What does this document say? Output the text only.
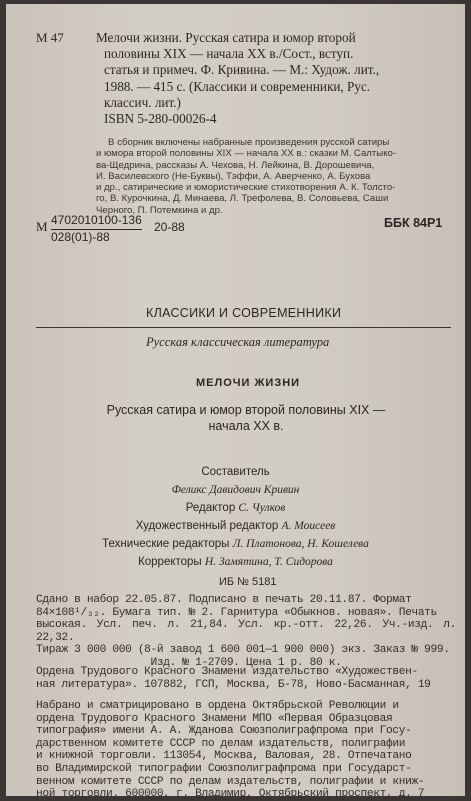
М 47 Мелочи жизни. Русская сатира и юмор второй
половины XIX — начала XX в./Сост., вступ.
статья и примеч. Ф. Кривина. — М.: Худож. лит.,
1988. — 415 с. (Классики и современники, Рус.
классич. лит.)
ISBN 5-280-00026-4
В сборник включены набранные произведения русской сатиры
и юмора второй половины XIX — начала XX в.: сказки М. Салтыко-
ва-Щедрина, рассказы А. Чехова, Н. Лейкина, В. Дорошевича,
И. Василевского (Не-Буквы), Тэффи, А. Аверченко, А. Бухова
и др., сатирические и юмористические стихотворения А. К. Толсто-
го, В. Курочкина, Д. Минаева, Л. Трефолева, В. Соловьева, Саши
Черного, П. Потемкина и др.
М $\frac{4702010100-136}{028(01)-88} 20-88$	ББК 84Р1
КЛАССИКИ И СОВРЕМЕННИКИ
Русская классическая литература
МЕЛОЧИ ЖИЗНИ
Русская сатира и юмор второй половины XIX —
начала XX в.
Составитель
Феликс Давидович Кривин
Редактор С. Чулков
Художественный редактор А. Моисеев
Технические редакторы Л. Платонова, Н. Кошелева
Корректоры Н. Замятина, Т. Сидорова
ИБ № 5181
Сдано в набор 22.05.87. Подписано в печать 20.11.87. Формат
84×108¹/₃₂. Бумага тип. № 2. Гарнитура «Обыкнов. новая». Печать
высокая. Усл. печ. л. 21,84. Усл. кр.-отт. 22,26. Уч.-изд. л. 22,32.
Тираж 3 000 000 (8-й завод 1 600 001—1 900 000) экз. Заказ № 999.
Изд. № 1-2709. Цена 1 р. 80 к.
Ордена Трудового Красного Знамени издательство «Художествен-
ная литература». 107882, ГСП, Москва, Б-78, Ново-Басманная, 19
Набрано и сматрицировано в ордена Октябрьской Революции и
ордена Трудового Красного Знамени МПО «Первая Образцовая
типография» имени А. А. Жданова Союзполиграфпрома при Госу-
дарственном комитете СССР по делам издательств, полиграфии
и книжной торговли. 113054, Москва, Валовая, 28. Отпечатано
во Владимирской типографии Союзполиграфпрома при Государст-
венном комитете СССР по делам издательств, полиграфии и книж-
ной торговли. 600000, г. Владимир, Октябрьский проспект, д. 7
